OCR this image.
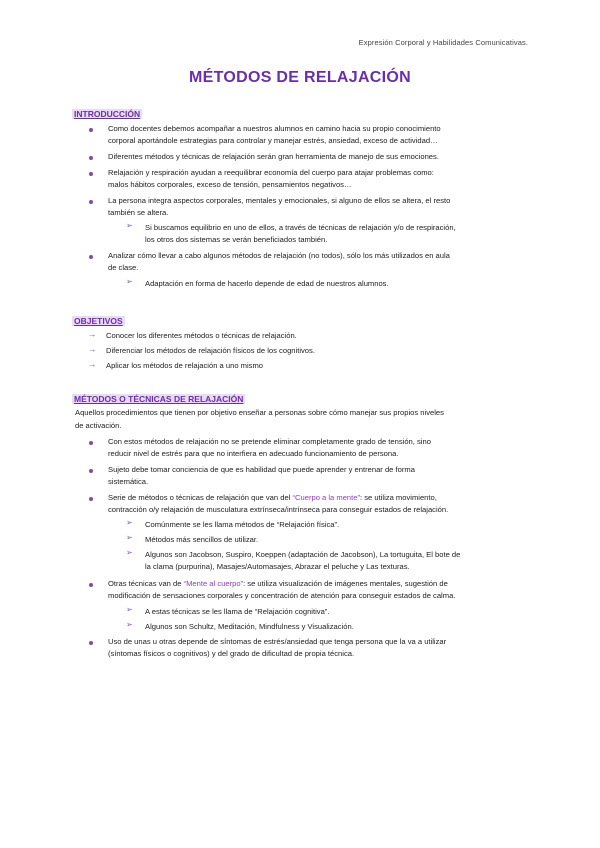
Expresión Corporal y Habilidades Comunicativas.
MÉTODOS DE RELAJACIÓN
INTRODUCCIÓN
Como docentes debemos acompañar a nuestros alumnos en camino hacia su propio conocimiento
corporal aportándole estrategias para controlar y manejar estrés, ansiedad, exceso de actividad…
Diferentes métodos y técnicas de relajación serán gran herramienta de manejo de sus emociones.
Relajación y respiración ayudan a reequilibrar economía del cuerpo para atajar problemas como:
malos hábitos corporales, exceso de tensión, pensamientos negativos…
La persona integra aspectos corporales, mentales y emocionales, si alguno de ellos se altera, el resto
también se altera.
➢ Si buscamos equilibrio en uno de ellos, a través de técnicas de relajación y/o de respiración,
los otros dos sistemas se verán beneficiados también.
Analizar cómo llevar a cabo algunos métodos de relajación (no todos), sólo los más utilizados en aula
de clase.
➢ Adaptación en forma de hacerlo depende de edad de nuestros alumnos.
OBJETIVOS
→ Conocer los diferentes métodos o técnicas de relajación.
→ Diferenciar los métodos de relajación físicos de los cognitivos.
→ Aplicar los métodos de relajación a uno mismo
MÉTODOS O TÉCNICAS DE RELAJACIÓN
Aquellos procedimientos que tienen por objetivo enseñar a personas sobre cómo manejar sus propios niveles
de activación.
Con estos métodos de relajación no se pretende eliminar completamente grado de tensión, sino
reducir nivel de estrés para que no interfiera en adecuado funcionamiento de persona.
Sujeto debe tomar conciencia de que es habilidad que puede aprender y entrenar de forma
sistemática.
Serie de métodos o técnicas de relajación que van del “Cuerpo a la mente”: se utiliza movimiento,
contracción o/y relajación de musculatura extrínseca/intrínseca para conseguir estados de relajación.
➢ Comúnmente se les llama métodos de “Relajación física”.
➢ Métodos más sencillos de utilizar.
➢ Algunos son Jacobson, Suspiro, Koeppen (adaptación de Jacobson), La tortuguita, El bote de
la clama (purpurina), Masajes/Automasajes, Abrazar el peluche y Las texturas.
Otras técnicas van de “Mente al cuerpo”: se utiliza visualización de imágenes mentales, sugestión de
modificación de sensaciones corporales y concentración de atención para conseguir estados de calma.
➢ A estas técnicas se les llama de “Relajación cognitiva”.
➢ Algunos son Schultz, Meditación, Mindfulness y Visualización.
Uso de unas u otras depende de síntomas de estrés/ansiedad que tenga persona que la va a utilizar
(síntomas físicos o cognitivos) y del grado de dificultad de propia técnica.
